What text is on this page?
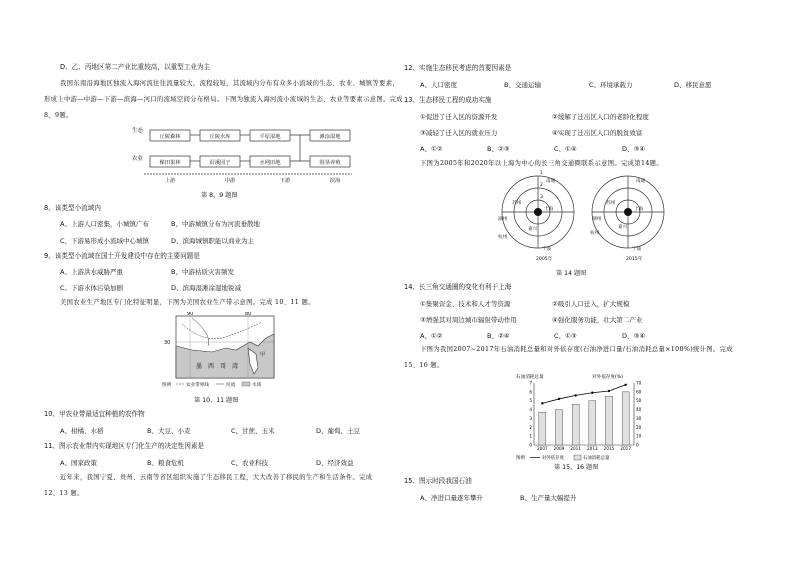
D、乙、丙地区第二产业比重较高，以重型工业为主
我国东南沿海地区独流入海河流往往流量较大，流程较短，其流域内分布有众多小流域的生态、农业、城镇等要素，
形成上中游—中游—下游—滨海—河口的流域空间分布格局。下图为独流入海河流小流域的生态、农业等要素示意图。完成
8、9题。
生态
农业
丘陵森林	丘陵水库	平原湿地	滩涂湿地
梯田果林	沿溪园子	水网田地	围垦养殖
上游	中游	下游	滨海
第 8、9 题图
8、该类型小流域内
A、上游人口密集，小城镇广布	B、中游城镇分布为河流垂散地
C、下游易形成小流域中心城镇	D、滨海城镇职能以商业为主
9、该类型小流域在国土开发建设中存在的主要问题是
A、上游洪水威胁严重	B、中游枯质灾害频发
C、下游水体污染加剧	D、滨海湿滩涂湿地锐减
美国农业生产地区专门化特征明显，下图为美国农业生产带示意图。完成 10、11 题。
90	80
30
甲
墨 西 哥 湾
图例	农业带界线	河流	水域
第 10、11 题图
10、甲农业带最适宜种植的农作物
A、柑橘、水稻	B、大豆、小麦	C、甘蔗、玉米	D、葡萄、土豆
11、图示农业带内实现地区专门化生产的决定性因素是
A、国家政策	B、粮食危机	C、农业科技	D、经济效益
近年来，我国宁夏、贵州、云南等省区组织实施了生态移民工程，大大改善了移民的生产和生活条件。完成
12、13 题。
12、实施生态移民考虑的首要因素是
A、人口密度	B、交通运输	C、环境承载力	D、移民意愿
13、生态移民工程的成功实施
①促进了迁入区的资源开发	②缓解了迁出区人口的老龄化程度
③减轻了迁入区的就业压力	④实现了迁出区人口的脱贫致富
A、①②	B、②③	C、①④	D、③④
下图为2005年和2020年以上海为中心的长三角交通圈联系示意图。完成第14题。
1
2
3
南通
苏州
上海
杭州
嘉兴
宁波
湖州
南通
苏州
上海
杭州
嘉兴
宁波
湖州
2005年	2015年
第 14 题图
14、长三角交通圈的变化有利于上海
①集聚资金、技术和人才等资源	②吸引人口迁入，扩大规模
③增强其对周边城市辐射带动作用	④强化服务功能，壮大第二产业
A、①②	B、②④	C、①③	D、③④
下图为我国2007~2017年石油消耗总量和对外依存度(石油净进口量/石油消耗总量×100%)统计图。完成
15、16 题。
石油消耗总量	对外依存度(%)
0
1
2
3
4
5
6
7
0
10
20
30
40
50
60
70
2007 2009 2011 2013 2015 2017
图例	对外依存度	石油消耗总量
第 15、16 题图
15、图示时段我国石油
A、净进口量逐年攀升	B、生产量大幅提升
